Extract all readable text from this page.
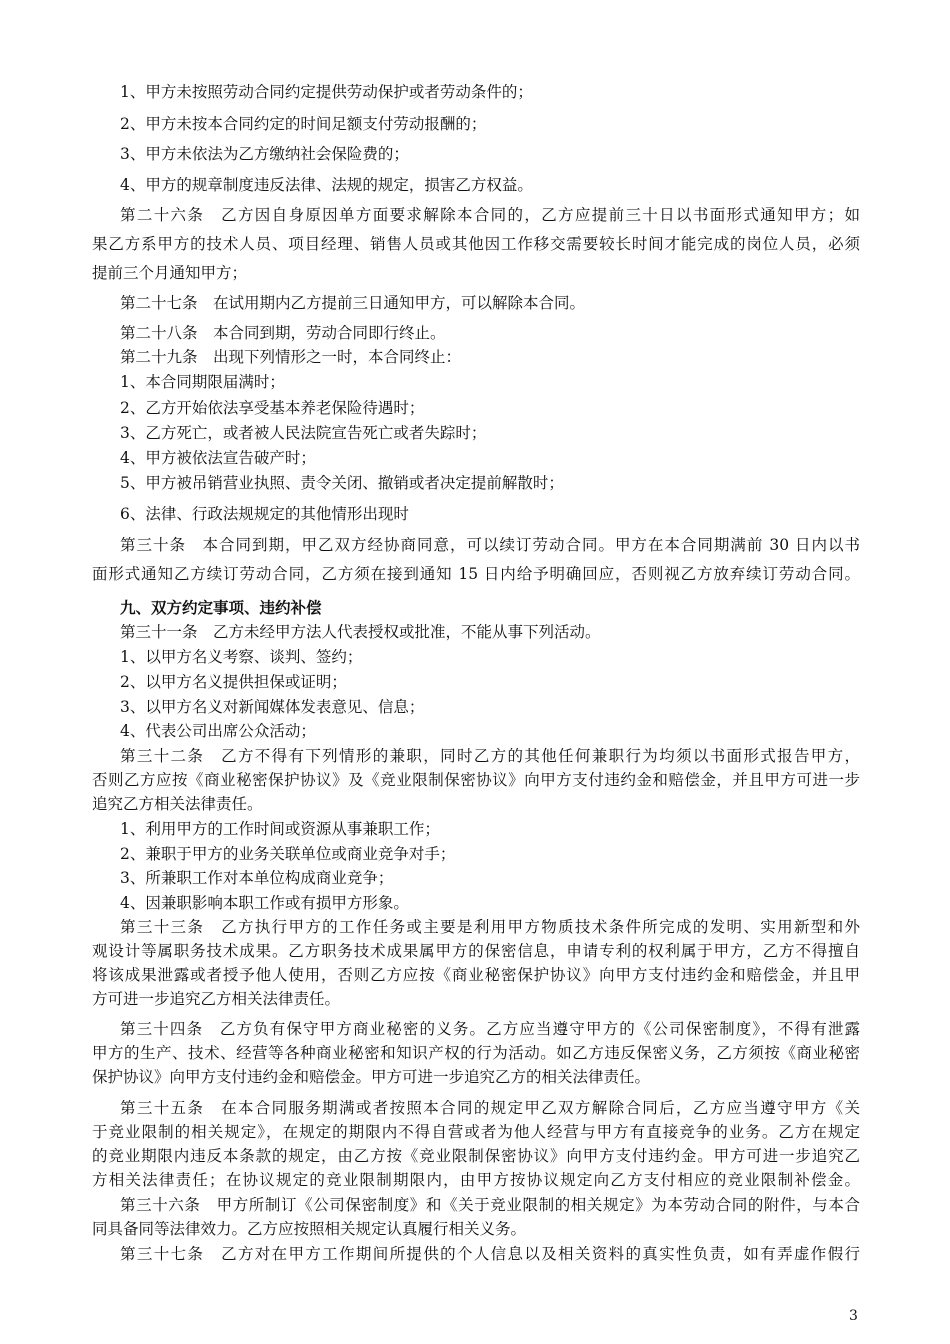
1、甲方未按照劳动合同约定提供劳动保护或者劳动条件的；
2、甲方未按本合同约定的时间足额支付劳动报酬的；
3、甲方未依法为乙方缴纳社会保险费的；
4、甲方的规章制度违反法律、法规的规定，损害乙方权益。
第二十六条　乙方因自身原因单方面要求解除本合同的，乙方应提前三十日以书面形式通知甲方；如
果乙方系甲方的技术人员、项目经理、销售人员或其他因工作移交需要较长时间才能完成的岗位人员，必须
提前三个月通知甲方；
第二十七条　在试用期内乙方提前三日通知甲方，可以解除本合同。
第二十八条　本合同到期，劳动合同即行终止。
第二十九条　出现下列情形之一时，本合同终止：
1、本合同期限届满时；
2、乙方开始依法享受基本养老保险待遇时；
3、乙方死亡，或者被人民法院宣告死亡或者失踪时；
4、甲方被依法宣告破产时；
5、甲方被吊销营业执照、责令关闭、撤销或者决定提前解散时；
6、法律、行政法规规定的其他情形出现时
第三十条　本合同到期，甲乙双方经协商同意，可以续订劳动合同。甲方在本合同期满前 30 日内以书
面形式通知乙方续订劳动合同，乙方须在接到通知 15 日内给予明确回应，否则视乙方放弃续订劳动合同。
九、双方约定事项、违约补偿
第三十一条　乙方未经甲方法人代表授权或批准，不能从事下列活动。
1、以甲方名义考察、谈判、签约；
2、以甲方名义提供担保或证明；
3、以甲方名义对新闻媒体发表意见、信息；
4、代表公司出席公众活动；
第三十二条　乙方不得有下列情形的兼职，同时乙方的其他任何兼职行为均须以书面形式报告甲方，
否则乙方应按《商业秘密保护协议》及《竞业限制保密协议》向甲方支付违约金和赔偿金，并且甲方可进一步
追究乙方相关法律责任。
1、利用甲方的工作时间或资源从事兼职工作；
2、兼职于甲方的业务关联单位或商业竞争对手；
3、所兼职工作对本单位构成商业竞争；
4、因兼职影响本职工作或有损甲方形象。
第三十三条　乙方执行甲方的工作任务或主要是利用甲方物质技术条件所完成的发明、实用新型和外
观设计等属职务技术成果。乙方职务技术成果属甲方的保密信息，申请专利的权利属于甲方，乙方不得擅自
将该成果泄露或者授予他人使用，否则乙方应按《商业秘密保护协议》向甲方支付违约金和赔偿金，并且甲
方可进一步追究乙方相关法律责任。
第三十四条　乙方负有保守甲方商业秘密的义务。乙方应当遵守甲方的《公司保密制度》，不得有泄露
甲方的生产、技术、经营等各种商业秘密和知识产权的行为活动。如乙方违反保密义务，乙方须按《商业秘密
保护协议》向甲方支付违约金和赔偿金。甲方可进一步追究乙方的相关法律责任。
第三十五条　在本合同服务期满或者按照本合同的规定甲乙双方解除合同后，乙方应当遵守甲方《关
于竞业限制的相关规定》，在规定的期限内不得自营或者为他人经营与甲方有直接竞争的业务。乙方在规定
的竞业期限内违反本条款的规定，由乙方按《竞业限制保密协议》向甲方支付违约金。甲方可进一步追究乙
方相关法律责任；在协议规定的竞业限制期限内，由甲方按协议规定向乙方支付相应的竞业限制补偿金。
第三十六条　甲方所制订《公司保密制度》和《关于竞业限制的相关规定》为本劳动合同的附件，与本合
同具备同等法律效力。乙方应按照相关规定认真履行相关义务。
第三十七条　乙方对在甲方工作期间所提供的个人信息以及相关资料的真实性负责，如有弄虚作假行
3
